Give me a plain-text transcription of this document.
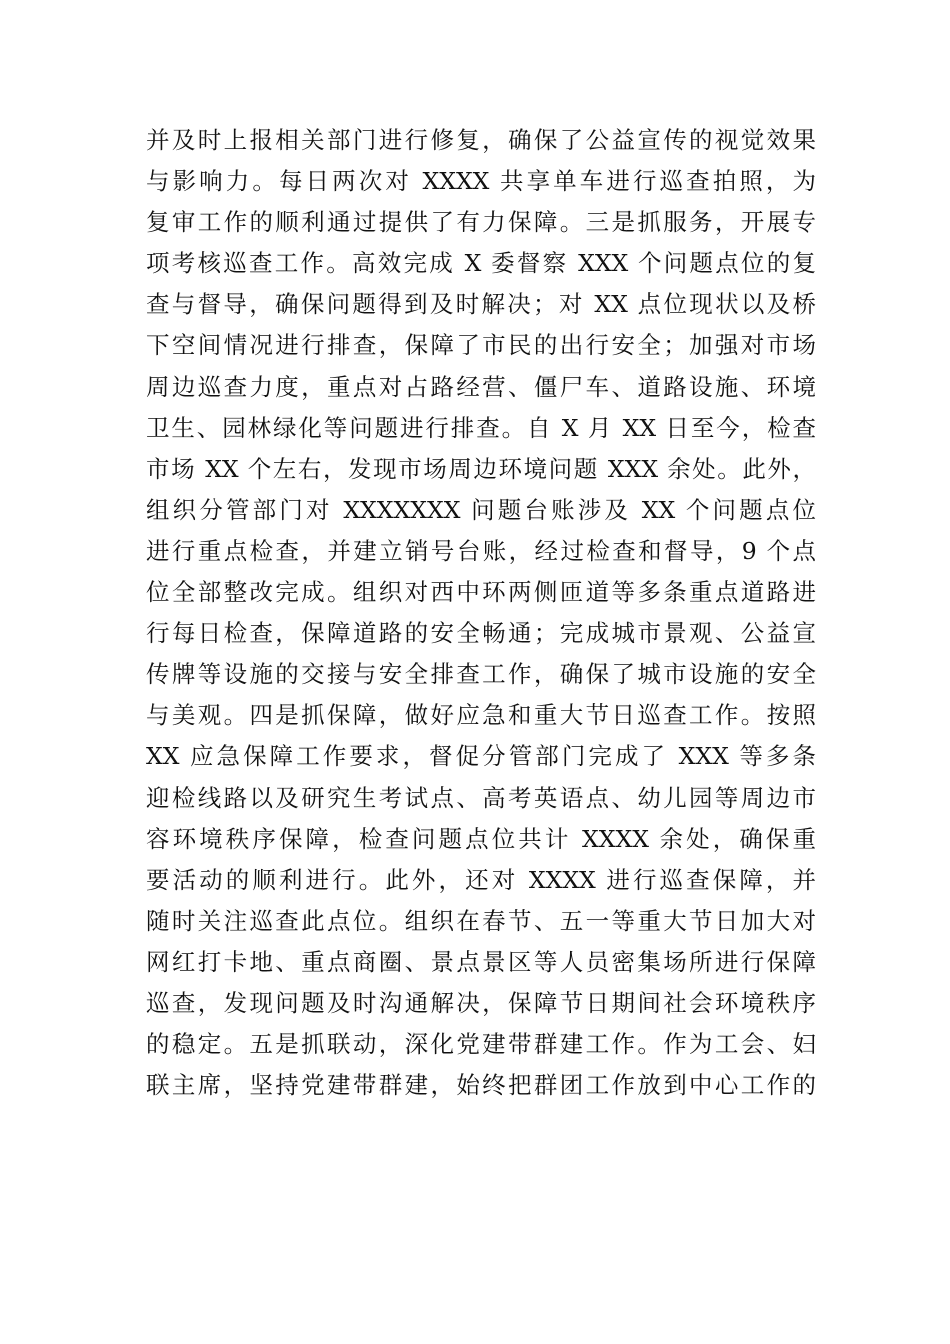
并及时上报相关部门进行修复，确保了公益宣传的视觉效果
与影响力。每日两次对 XXXX 共享单车进行巡查拍照，为
复审工作的顺利通过提供了有力保障。三是抓服务，开展专
项考核巡查工作。高效完成 X 委督察 XXX 个问题点位的复
查与督导，确保问题得到及时解决；对 XX 点位现状以及桥
下空间情况进行排查，保障了市民的出行安全；加强对市场
周边巡查力度，重点对占路经营、僵尸车、道路设施、环境
卫生、园林绿化等问题进行排查。自 X 月 XX 日至今，检查
市场 XX 个左右，发现市场周边环境问题 XXX 余处。此外，
组织分管部门对 XXXXXXX 问题台账涉及 XX 个问题点位
进行重点检查，并建立销号台账，经过检查和督导，9 个点
位全部整改完成。组织对西中环两侧匝道等多条重点道路进
行每日检查，保障道路的安全畅通；完成城市景观、公益宣
传牌等设施的交接与安全排查工作，确保了城市设施的安全
与美观。四是抓保障，做好应急和重大节日巡查工作。按照
XX 应急保障工作要求，督促分管部门完成了 XXX 等多条
迎检线路以及研究生考试点、高考英语点、幼儿园等周边市
容环境秩序保障，检查问题点位共计 XXXX 余处，确保重
要活动的顺利进行。此外，还对 XXXX 进行巡查保障，并
随时关注巡查此点位。组织在春节、五一等重大节日加大对
网红打卡地、重点商圈、景点景区等人员密集场所进行保障
巡查，发现问题及时沟通解决，保障节日期间社会环境秩序
的稳定。五是抓联动，深化党建带群建工作。作为工会、妇
联主席，坚持党建带群建，始终把群团工作放到中心工作的
